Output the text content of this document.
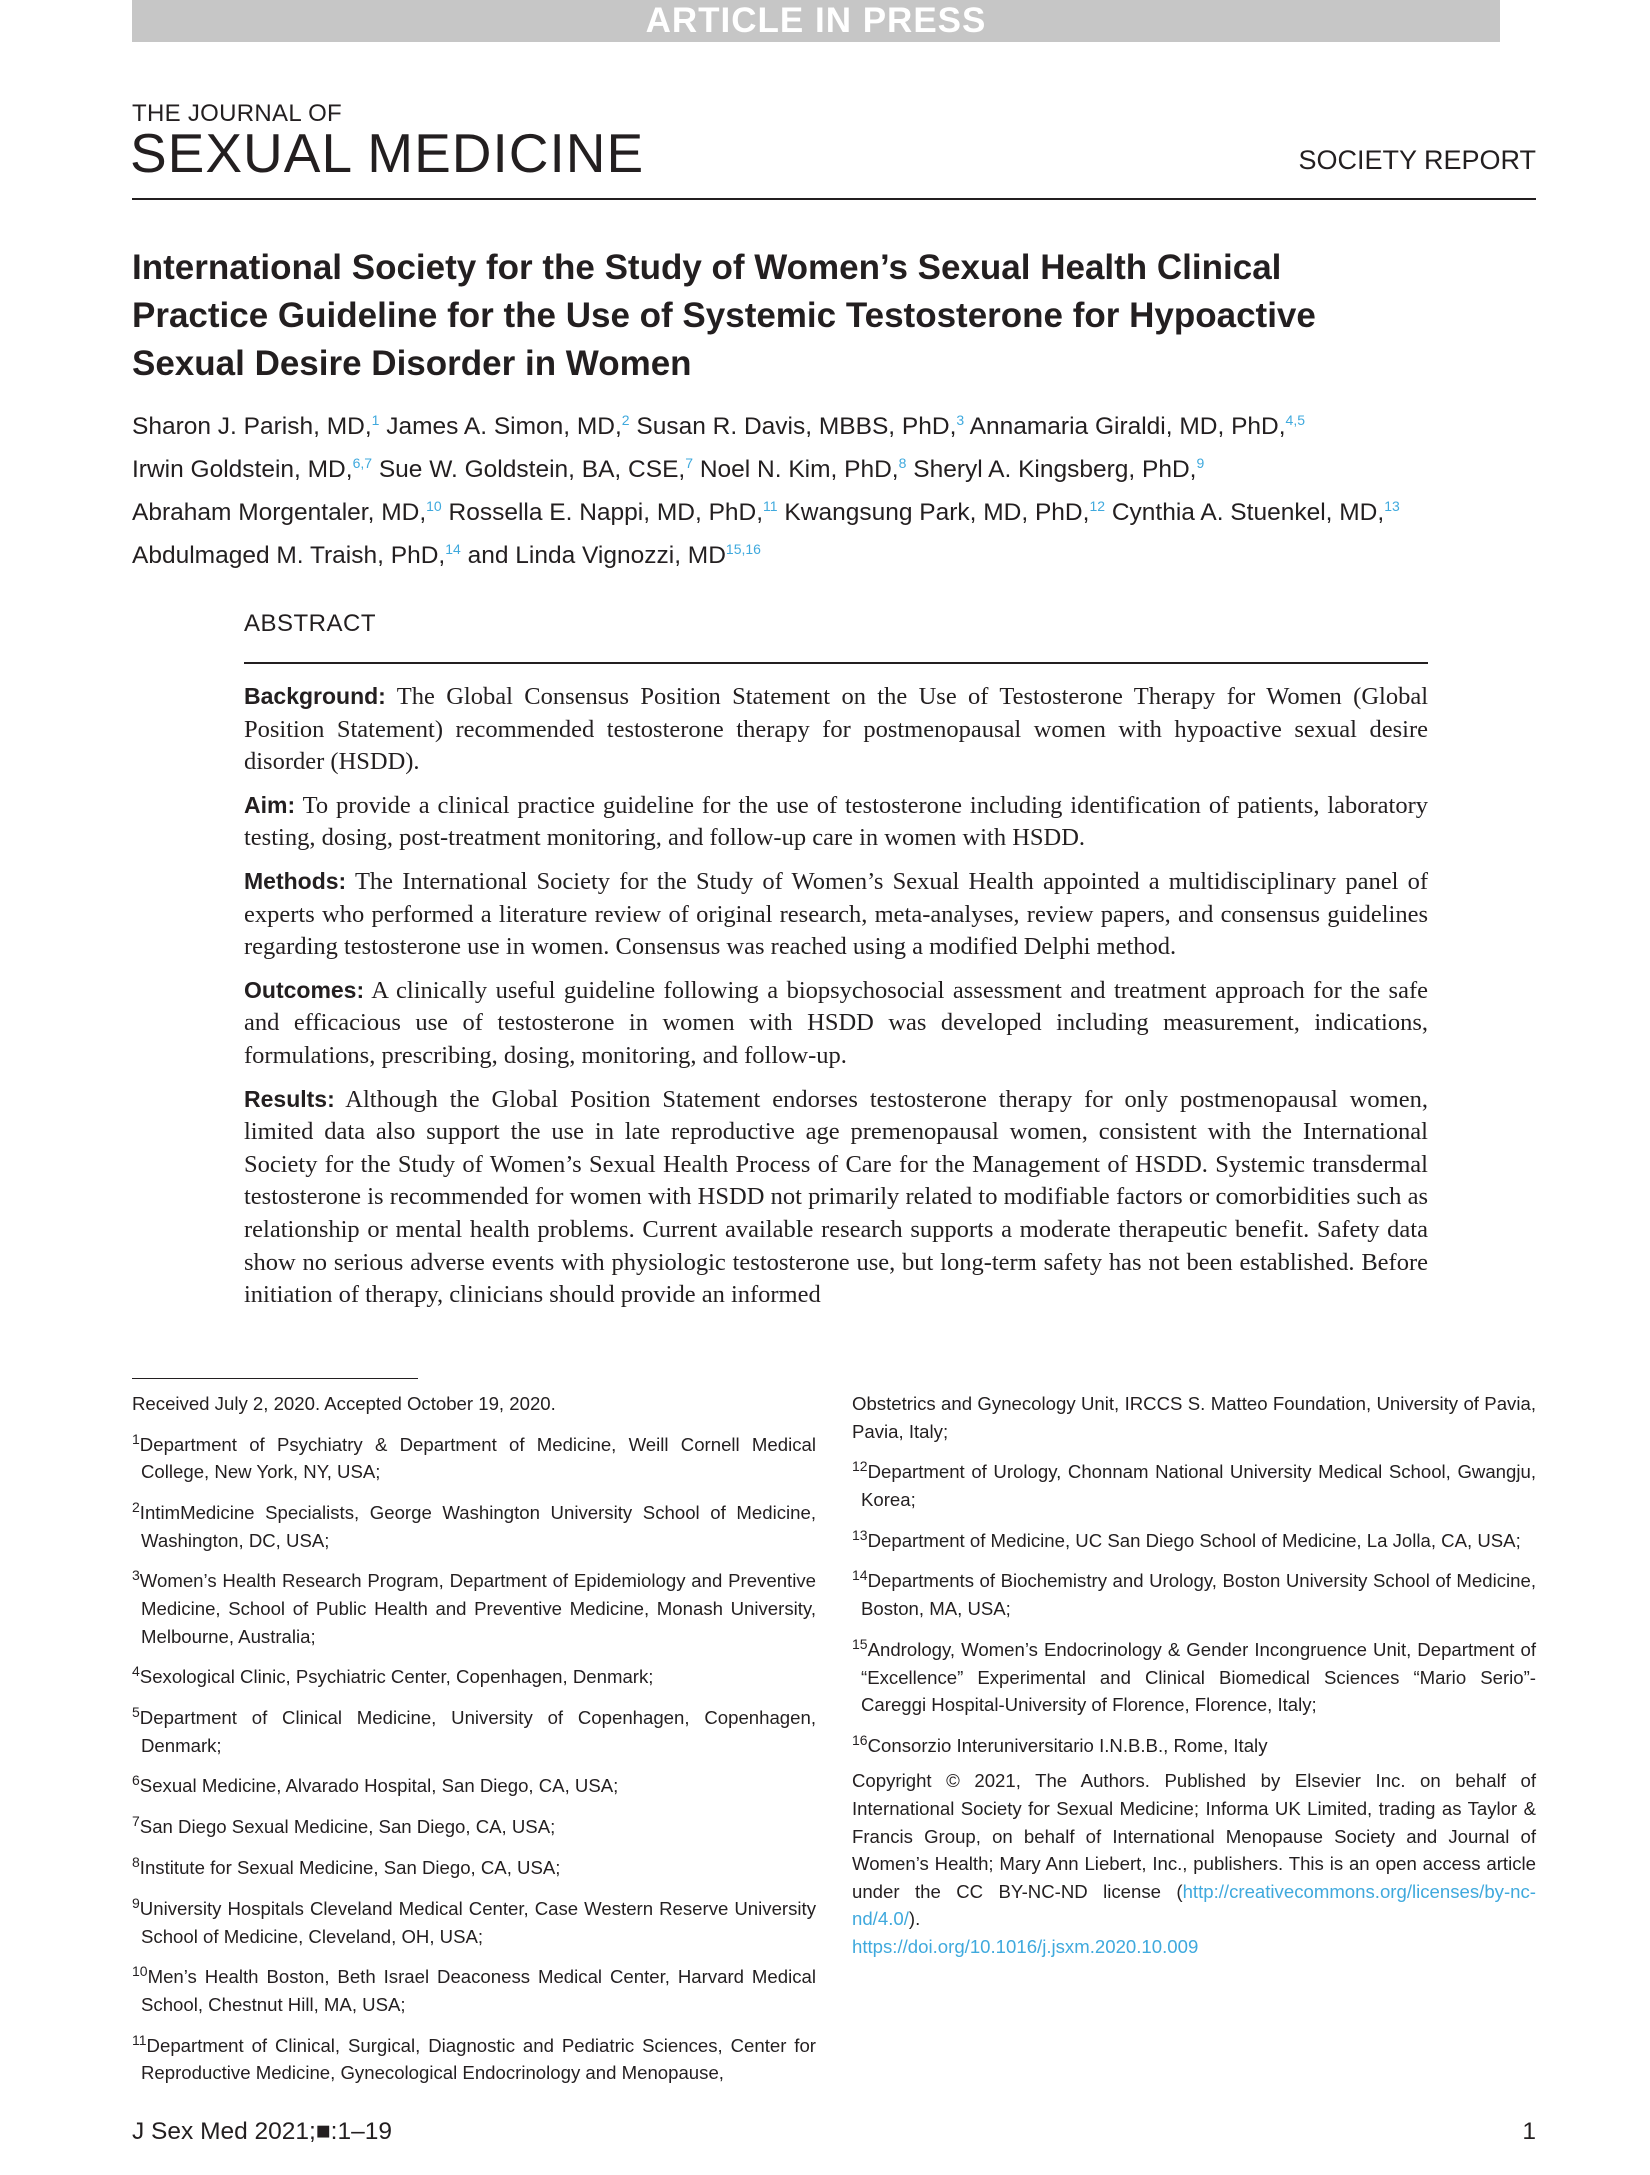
ARTICLE IN PRESS
THE JOURNAL OF
SEXUAL MEDICINE	SOCIETY REPORT
International Society for the Study of Women’s Sexual Health Clinical Practice Guideline for the Use of Systemic Testosterone for Hypoactive Sexual Desire Disorder in Women
Sharon J. Parish, MD,$^1$ James A. Simon, MD,$^2$ Susan R. Davis, MBBS, PhD,$^3$ Annamaria Giraldi, MD, PhD,$^{4,5}$
Irwin Goldstein, MD,$^{6,7}$ Sue W. Goldstein, BA, CSE,$^7$ Noel N. Kim, PhD,$^8$ Sheryl A. Kingsberg, PhD,$^9$
Abraham Morgentaler, MD,$^{10}$ Rossella E. Nappi, MD, PhD,$^{11}$ Kwangsung Park, MD, PhD,$^{12}$ Cynthia A. Stuenkel, MD,$^{13}$
Abdulmaged M. Traish, PhD,$^{14}$ and Linda Vignozzi, MD$^{15,16}$
ABSTRACT

Background: The Global Consensus Position Statement on the Use of Testosterone Therapy for Women (Global Position Statement) recommended testosterone therapy for postmenopausal women with hypoactive sexual desire disorder (HSDD).

Aim: To provide a clinical practice guideline for the use of testosterone including identification of patients, laboratory testing, dosing, post-treatment monitoring, and follow-up care in women with HSDD.

Methods: The International Society for the Study of Women’s Sexual Health appointed a multidisciplinary panel of experts who performed a literature review of original research, meta-analyses, review papers, and consensus guidelines regarding testosterone use in women. Consensus was reached using a modified Delphi method.

Outcomes: A clinically useful guideline following a biopsychosocial assessment and treatment approach for the safe and efficacious use of testosterone in women with HSDD was developed including measurement, indications, formulations, prescribing, dosing, monitoring, and follow-up.

Results: Although the Global Position Statement endorses testosterone therapy for only postmenopausal women, limited data also support the use in late reproductive age premenopausal women, consistent with the International Society for the Study of Women’s Sexual Health Process of Care for the Management of HSDD. Systemic transdermal testosterone is recommended for women with HSDD not primarily related to modifiable factors or comorbidities such as relationship or mental health problems. Current available research supports a moderate therapeutic benefit. Safety data show no serious adverse events with physiologic testosterone use, but long-term safety has not been established. Before initiation of therapy, clinicians should provide an informed

Received July 2, 2020. Accepted October 19, 2020.

$^1$Department of Psychiatry & Department of Medicine, Weill Cornell Medical College, New York, NY, USA;

$^2$IntimMedicine Specialists, George Washington University School of Medicine, Washington, DC, USA;

$^3$Women’s Health Research Program, Department of Epidemiology and Preventive Medicine, School of Public Health and Preventive Medicine, Monash University, Melbourne, Australia;

$^4$Sexological Clinic, Psychiatric Center, Copenhagen, Denmark;

$^5$Department of Clinical Medicine, University of Copenhagen, Copenhagen, Denmark;

$^6$Sexual Medicine, Alvarado Hospital, San Diego, CA, USA;

$^7$San Diego Sexual Medicine, San Diego, CA, USA;

$^8$Institute for Sexual Medicine, San Diego, CA, USA;

$^9$University Hospitals Cleveland Medical Center, Case Western Reserve University School of Medicine, Cleveland, OH, USA;

$^{10}$Men’s Health Boston, Beth Israel Deaconess Medical Center, Harvard Medical School, Chestnut Hill, MA, USA;

$^{11}$Department of Clinical, Surgical, Diagnostic and Pediatric Sciences, Center for Reproductive Medicine, Gynecological Endocrinology and Menopause,

Obstetrics and Gynecology Unit, IRCCS S. Matteo Foundation, University of Pavia, Pavia, Italy;

$^{12}$Department of Urology, Chonnam National University Medical School, Gwangju, Korea;

$^{13}$Department of Medicine, UC San Diego School of Medicine, La Jolla, CA, USA;

$^{14}$Departments of Biochemistry and Urology, Boston University School of Medicine, Boston, MA, USA;

$^{15}$Andrology, Women’s Endocrinology & Gender Incongruence Unit, Department of “Excellence” Experimental and Clinical Biomedical Sciences “Mario Serio”-Careggi Hospital-University of Florence, Florence, Italy;

$^{16}$Consorzio Interuniversitario I.N.B.B., Rome, Italy

Copyright © 2021, The Authors. Published by Elsevier Inc. on behalf of International Society for Sexual Medicine; Informa UK Limited, trading as Taylor & Francis Group, on behalf of International Menopause Society and Journal of Women’s Health; Mary Ann Liebert, Inc., publishers. This is an open access article under the CC BY-NC-ND license (http://creativecommons.org/licenses/by-nc-nd/4.0/).
https://doi.org/10.1016/j.jsxm.2020.10.009

J Sex Med 2021;■:1–19	1
